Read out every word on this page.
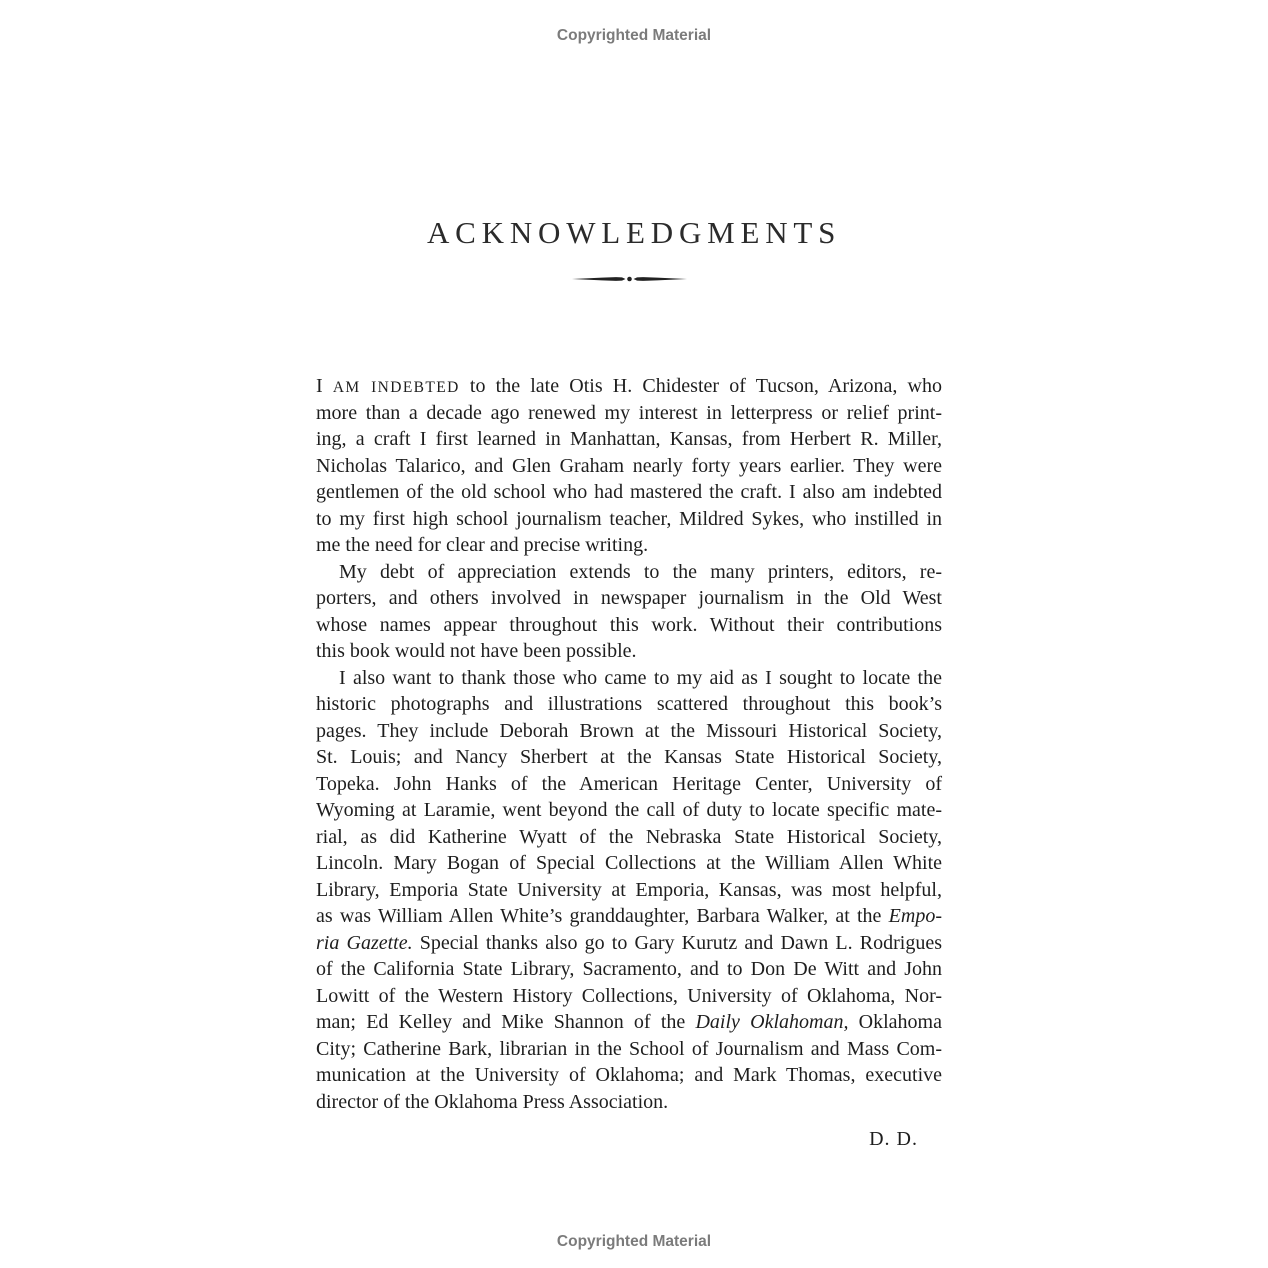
Copyrighted Material
ACKNOWLEDGMENTS
I AM INDEBTED to the late Otis H. Chidester of Tucson, Arizona, who
more than a decade ago renewed my interest in letterpress or relief print-
ing, a craft I first learned in Manhattan, Kansas, from Herbert R. Miller,
Nicholas Talarico, and Glen Graham nearly forty years earlier. They were
gentlemen of the old school who had mastered the craft. I also am indebted
to my first high school journalism teacher, Mildred Sykes, who instilled in
me the need for clear and precise writing.
My debt of appreciation extends to the many printers, editors, re-
porters, and others involved in newspaper journalism in the Old West
whose names appear throughout this work. Without their contributions
this book would not have been possible.
I also want to thank those who came to my aid as I sought to locate the
historic photographs and illustrations scattered throughout this book’s
pages. They include Deborah Brown at the Missouri Historical Society,
St. Louis; and Nancy Sherbert at the Kansas State Historical Society,
Topeka. John Hanks of the American Heritage Center, University of
Wyoming at Laramie, went beyond the call of duty to locate specific mate-
rial, as did Katherine Wyatt of the Nebraska State Historical Society,
Lincoln. Mary Bogan of Special Collections at the William Allen White
Library, Emporia State University at Emporia, Kansas, was most helpful,
as was William Allen White’s granddaughter, Barbara Walker, at the Empo-
ria Gazette. Special thanks also go to Gary Kurutz and Dawn L. Rodrigues
of the California State Library, Sacramento, and to Don De Witt and John
Lowitt of the Western History Collections, University of Oklahoma, Nor-
man; Ed Kelley and Mike Shannon of the Daily Oklahoman, Oklahoma
City; Catherine Bark, librarian in the School of Journalism and Mass Com-
munication at the University of Oklahoma; and Mark Thomas, executive
director of the Oklahoma Press Association.
D. D.
Copyrighted Material
